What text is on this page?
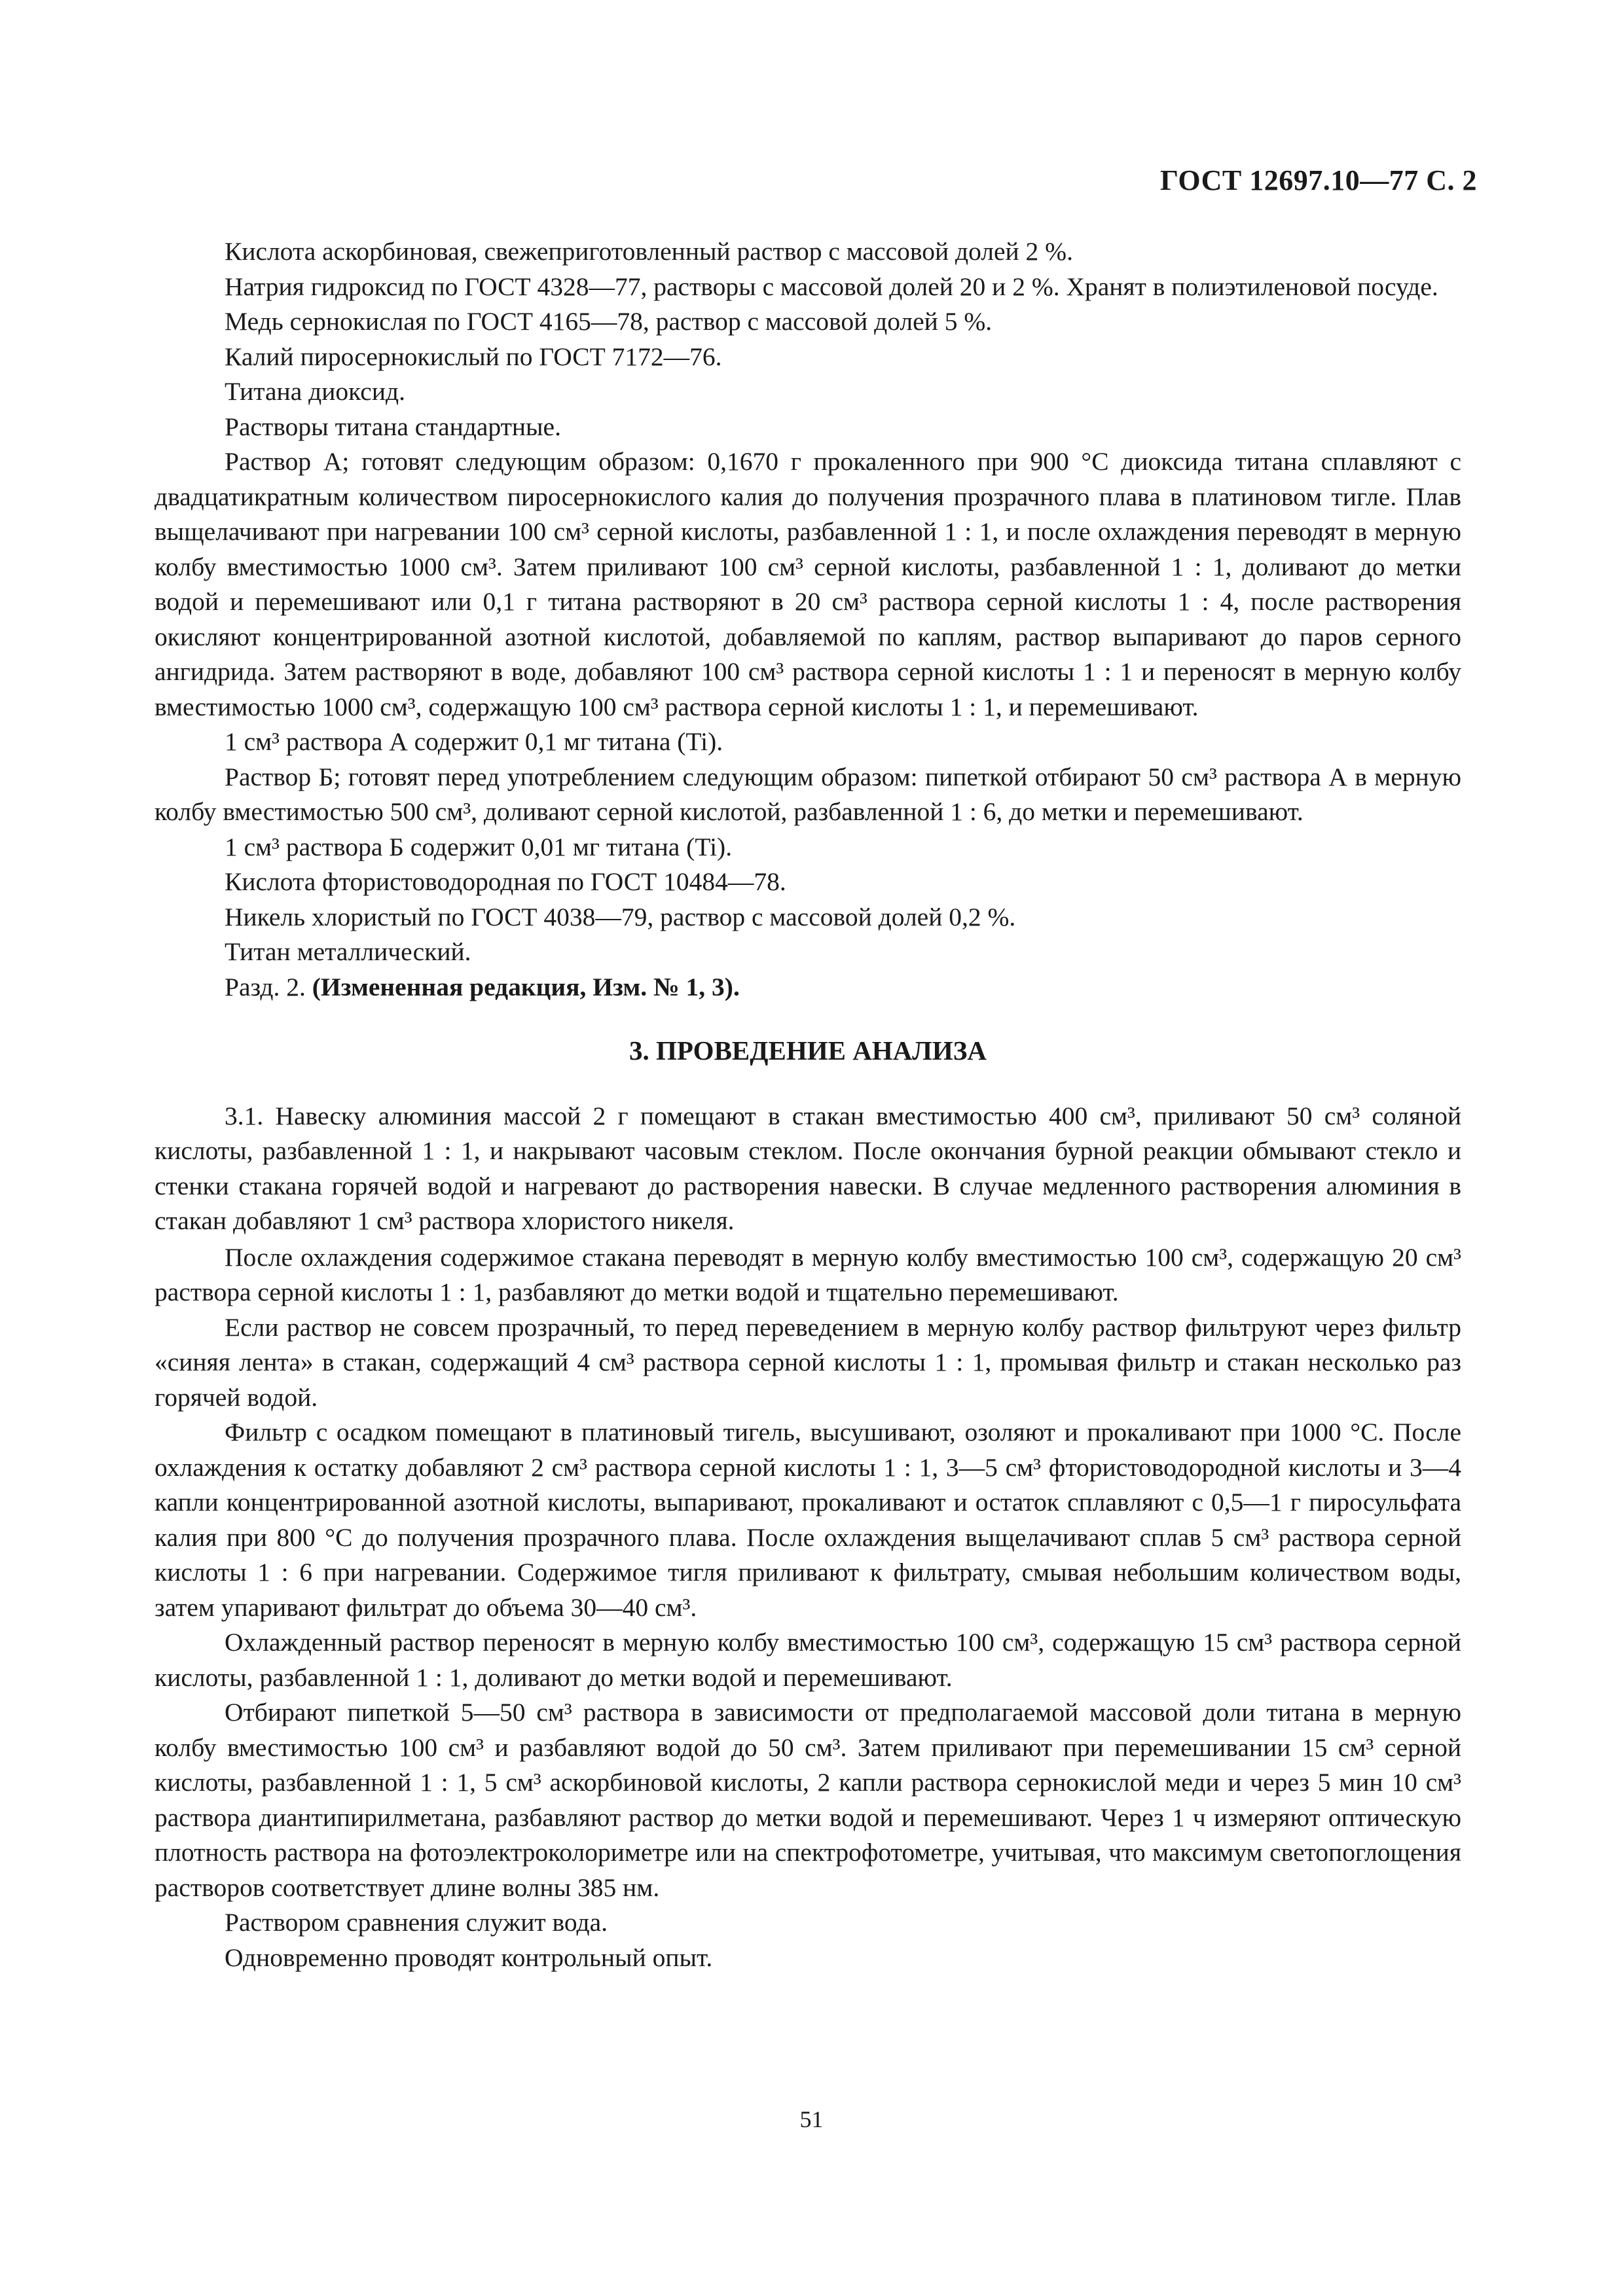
ГОСТ 12697.10—77 С. 2

Кислота аскорбиновая, свежеприготовленный раствор с массовой долей 2 %.

Натрия гидроксид по ГОСТ 4328—77, растворы с массовой долей 20 и 2 %. Хранят в полиэтиленовой посуде.

Медь сернокислая по ГОСТ 4165—78, раствор с массовой долей 5 %.

Калий пиросернокислый по ГОСТ 7172—76.

Титана диоксид.

Растворы титана стандартные.

Раствор А; готовят следующим образом: 0,1670 г прокаленного при 900 °С диоксида титана сплавляют с двадцатикратным количеством пиросернокислого калия до получения прозрачного плава в платиновом тигле. Плав выщелачивают при нагревании 100 см³ серной кислоты, разбавленной 1 : 1, и после охлаждения переводят в мерную колбу вместимостью 1000 см³. Затем приливают 100 см³ серной кислоты, разбавленной 1 : 1, доливают до метки водой и перемешивают или 0,1 г титана растворяют в 20 см³ раствора серной кислоты 1 : 4, после растворения окисляют концентрированной азотной кислотой, добавляемой по каплям, раствор выпаривают до паров серного ангидрида. Затем растворяют в воде, добавляют 100 см³ раствора серной кислоты 1 : 1 и переносят в мерную колбу вместимостью 1000 см³, содержащую 100 см³ раствора серной кислоты 1 : 1, и перемешивают.

1 см³ раствора А содержит 0,1 мг титана (Ti).

Раствор Б; готовят перед употреблением следующим образом: пипеткой отбирают 50 см³ раствора А в мерную колбу вместимостью 500 см³, доливают серной кислотой, разбавленной 1 : 6, до метки и перемешивают.

1 см³ раствора Б содержит 0,01 мг титана (Ti).

Кислота фтористоводородная по ГОСТ 10484—78.

Никель хлористый по ГОСТ 4038—79, раствор с массовой долей 0,2 %.

Титан металлический.

Разд. 2. (Измененная редакция, Изм. № 1, 3).

3. ПРОВЕДЕНИЕ АНАЛИЗА

3.1. Навеску алюминия массой 2 г помещают в стакан вместимостью 400 см³, приливают 50 см³ соляной кислоты, разбавленной 1 : 1, и накрывают часовым стеклом. После окончания бурной реакции обмывают стекло и стенки стакана горячей водой и нагревают до растворения навески. В случае медленного растворения алюминия в стакан добавляют 1 см³ раствора хлористого никеля.

После охлаждения содержимое стакана переводят в мерную колбу вместимостью 100 см³, содержащую 20 см³ раствора серной кислоты 1 : 1, разбавляют до метки водой и тщательно перемешивают.

Если раствор не совсем прозрачный, то перед переведением в мерную колбу раствор фильтруют через фильтр «синяя лента» в стакан, содержащий 4 см³ раствора серной кислоты 1 : 1, промывая фильтр и стакан несколько раз горячей водой.

Фильтр с осадком помещают в платиновый тигель, высушивают, озоляют и прокаливают при 1000 °С. После охлаждения к остатку добавляют 2 см³ раствора серной кислоты 1 : 1, 3—5 см³ фтористоводородной кислоты и 3—4 капли концентрированной азотной кислоты, выпаривают, прокаливают и остаток сплавляют с 0,5—1 г пиросульфата калия при 800 °С до получения прозрачного плава. После охлаждения выщелачивают сплав 5 см³ раствора серной кислоты 1 : 6 при нагревании. Содержимое тигля приливают к фильтрату, смывая небольшим количеством воды, затем упаривают фильтрат до объема 30—40 см³.

Охлажденный раствор переносят в мерную колбу вместимостью 100 см³, содержащую 15 см³ раствора серной кислоты, разбавленной 1 : 1, доливают до метки водой и перемешивают.

Отбирают пипеткой 5—50 см³ раствора в зависимости от предполагаемой массовой доли титана в мерную колбу вместимостью 100 см³ и разбавляют водой до 50 см³. Затем приливают при перемешивании 15 см³ серной кислоты, разбавленной 1 : 1, 5 см³ аскорбиновой кислоты, 2 капли раствора сернокислой меди и через 5 мин 10 см³ раствора диантипирилметана, разбавляют раствор до метки водой и перемешивают. Через 1 ч измеряют оптическую плотность раствора на фотоэлектроколориметре или на спектрофотометре, учитывая, что максимум светопоглощения растворов соответствует длине волны 385 нм.

Раствором сравнения служит вода.

Одновременно проводят контрольный опыт.

51
